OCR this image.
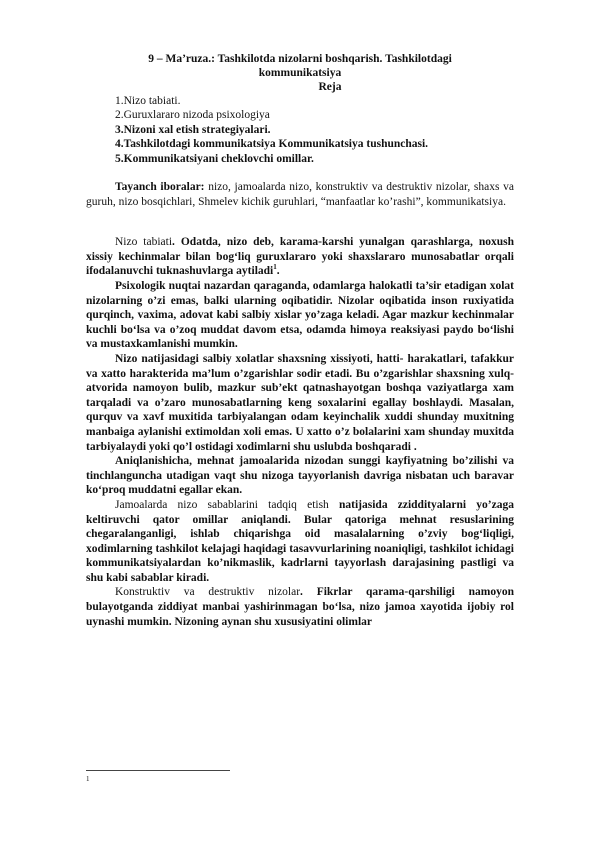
9 – Ma’ruza.: Tashkilotda nizolarni boshqarish. Tashkilotdagi
kommunikatsiya
Reja
1.Nizo tabiati.
2.Guruxlararo nizoda psixologiya
3.Nizoni xal etish strategiyalari.
4.Tashkilotdagi kommunikatsiya Kommunikatsiya tushunchasi.
5.Kommunikatsiyani cheklovchi omillar.

Tayanch iboralar: nizo, jamoalarda nizo, konstruktiv va destruktiv nizolar, shaxs va guruh, nizo bosqichlari, Shmelev kichik guruhlari, “manfaatlar ko’rashi”, kommunikatsiya.

Nizo tabiati. Odatda, nizo deb, karama-karshi yunalgan qarashlarga, noxush xissiy kechinmalar bilan bog‘liq guruxlararo yoki shaxslararo munosabatlar orqali ifodalanuvchi tuknashuvlarga aytiladi$^1$.

Psixologik nuqtai nazardan qaraganda, odamlarga halokatli ta’sir etadigan xolat nizolarning o’zi emas, balki ularning oqibatidir. Nizolar oqibatida inson ruxiyatida qurqinch, vaxima, adovat kabi salbiy xislar yo’zaga keladi. Agar mazkur kechinmalar kuchli bo‘lsa va o’zoq muddat davom etsa, odamda himoya reaksiyasi paydo bo‘lishi va mustaxkamlanishi mumkin.

Nizo natijasidagi salbiy xolatlar shaxsning xissiyoti, hatti- harakatlari, tafakkur va xatto harakterida ma’lum o’zgarishlar sodir etadi. Bu o’zgarishlar shaxsning xulq-atvorida namoyon bulib, mazkur sub’ekt qatnashayotgan boshqa vaziyatlarga xam tarqaladi va o’zaro munosabatlarning keng soxalarini egallay boshlaydi. Masalan, qurquv va xavf muxitida tarbiyalangan odam keyinchalik xuddi shunday muxitning manbaiga aylanishi extimoldan xoli emas. U xatto o’z bolalarini xam shunday muxitda tarbiyalaydi yoki qo’l ostidagi xodimlarni shu uslubda boshqaradi .

Aniqlanishicha, mehnat jamoalarida nizodan sunggi kayfiyatning bo’zilishi va tinchlanguncha utadigan vaqt shu nizoga tayyorlanish davriga nisbatan uch baravar ko‘proq muddatni egallar ekan.

Jamoalarda nizo sabablarini tadqiq etish natijasida zziddityalarni yo’zaga keltiruvchi qator omillar aniqlandi. Bular qatoriga mehnat resuslarining chegaralanganligi, ishlab chiqarishga oid masalalarning o’zviy bog‘liqligi, xodimlarning tashkilot kelajagi haqidagi tasavvurlarining noaniqligi, tashkilot ichidagi kommunikatsiyalardan ko’nikmaslik, kadrlarni tayyorlash darajasining pastligi va shu kabi sabablar kiradi.

Konstruktiv va destruktiv nizolar. Fikrlar qarama-qarshiligi namoyon bulayotganda ziddiyat manbai yashirinmagan bo‘lsa, nizo jamoa xayotida ijobiy rol uynashi mumkin. Nizoning aynan shu xususiyatini olimlar

1
